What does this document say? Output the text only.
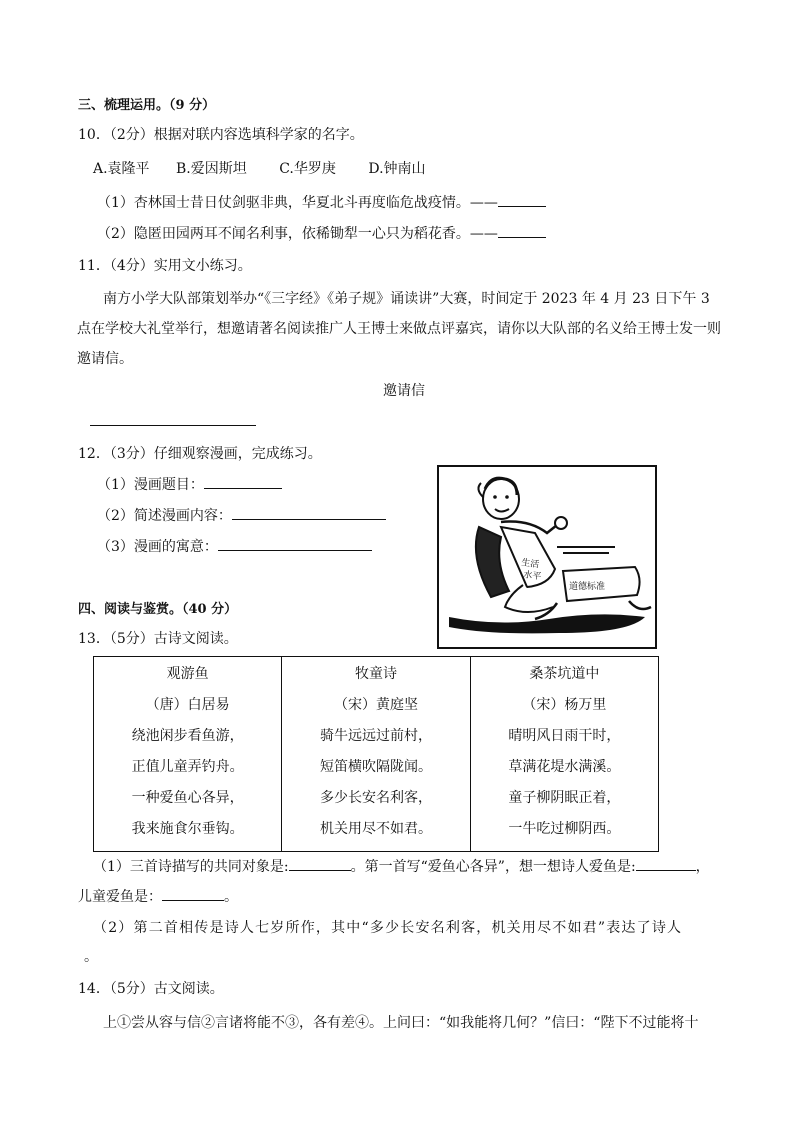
三、梳理运用。（9 分）
10．（2分）根据对联内容选填科学家的名字。
A.袁隆平 B.爱因斯坦 C.华罗庚 D.钟南山
（1）杏林国士昔日仗剑驱非典，华夏北斗再度临危战疫情。——
（2）隐匿田园两耳不闻名利事，依稀锄犁一心只为稻花香。——
11．（4分）实用文小练习。
南方小学大队部策划举办“《三字经》《弟子规》诵读讲”大赛，时间定于 2023 年 4 月 23 日下午 3
点在学校大礼堂举行，想邀请著名阅读推广人王博士来做点评嘉宾，请你以大队部的名义给王博士发一则
邀请信。
邀请信
12．（3分）仔细观察漫画，完成练习。
（1）漫画题目：
（2）简述漫画内容：
（3）漫画的寓意：
生活
水平
道德标准
四、阅读与鉴赏。（40 分）
13．（5分）古诗文阅读。
观游鱼
（唐）白居易
绕池闲步看鱼游，
正值儿童弄钓舟。
一种爱鱼心各异，
我来施食尔垂钩。

牧童诗
（宋）黄庭坚
骑牛远远过前村，
短笛横吹隔陇闻。
多少长安名利客，
机关用尽不如君。

桑茶坑道中
（宋）杨万里
晴明风日雨干时，
草满花堤水满溪。
童子柳阴眠正着，
一牛吃过柳阴西。
（1）三首诗描写的共同对象是:	。第一首写“爱鱼心各异”，想一想诗人爱鱼是:	，
儿童爱鱼是：	。
（2）第二首相传是诗人七岁所作，其中“多少长安名利客，机关用尽不如君”表达了诗人
。
14．（5分）古文阅读。
上①尝从容与信②言诸将能不③，各有差④。上问曰：“如我能将几何？”信曰：“陛下不过能将十
